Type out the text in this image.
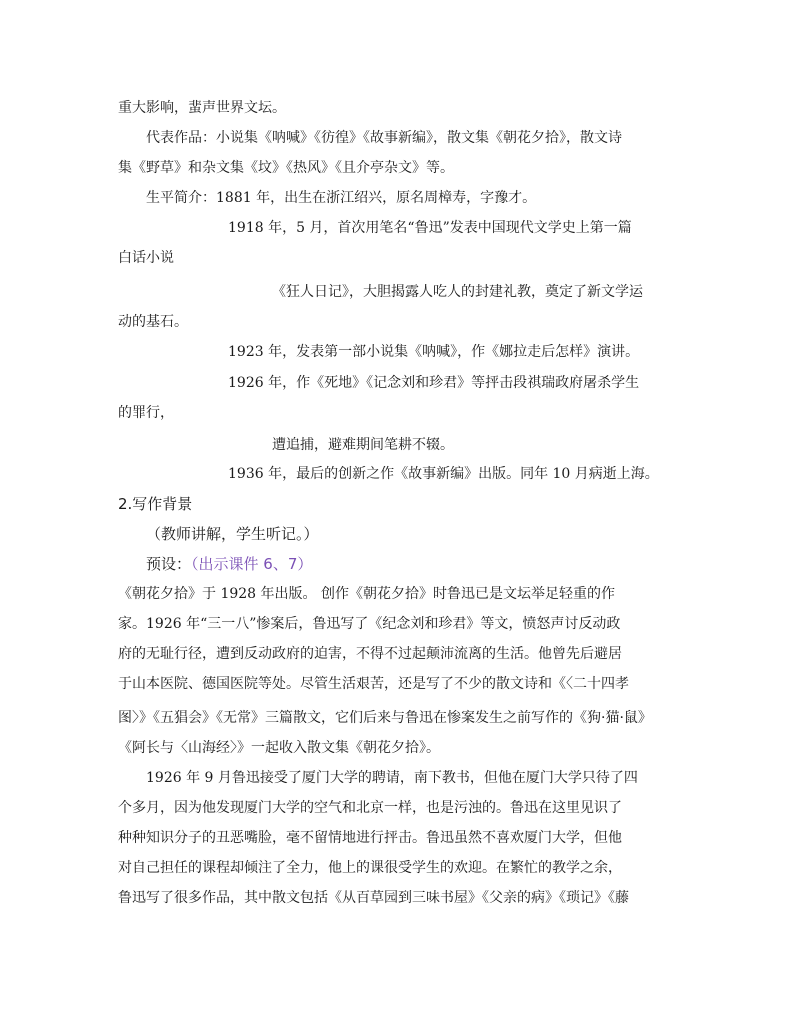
重大影响，蜚声世界文坛。
代表作品：小说集《呐喊》《彷徨》《故事新编》，散文集《朝花夕拾》，散文诗
集《野草》和杂文集《坟》《热风》《且介亭杂文》等。
生平简介：1881 年，出生在浙江绍兴，原名周樟寿，字豫才。
1918 年，5 月，首次用笔名“鲁迅”发表中国现代文学史上第一篇
白话小说
《狂人日记》，大胆揭露人吃人的封建礼教，奠定了新文学运
动的基石。
1923 年，发表第一部小说集《呐喊》，作《娜拉走后怎样》演讲。
1926 年，作《死地》《记念刘和珍君》等抨击段祺瑞政府屠杀学生
的罪行，
遭追捕，避难期间笔耕不辍。
1936 年，最后的创新之作《故事新编》出版。同年 10 月病逝上海。
2.写作背景
（教师讲解，学生听记。）
预设：（出示课件 6、7）
《朝花夕拾》于 1928 年出版。 创作《朝花夕拾》时鲁迅已是文坛举足轻重的作
家。1926 年“三一八”惨案后，鲁迅写了《纪念刘和珍君》等文，愤怒声讨反动政
府的无耻行径，遭到反动政府的迫害，不得不过起颠沛流离的生活。他曾先后避居
于山本医院、德国医院等处。尽管生活艰苦，还是写了不少的散文诗和《〈二十四孝
图〉》《五猖会》《无常》三篇散文，它们后来与鲁迅在惨案发生之前写作的《狗·猫·鼠》
《阿长与〈山海经〉》一起收入散文集《朝花夕拾》。
1926 年 9 月鲁迅接受了厦门大学的聘请，南下教书，但他在厦门大学只待了四
个多月，因为他发现厦门大学的空气和北京一样，也是污浊的。鲁迅在这里见识了
种种知识分子的丑恶嘴脸，毫不留情地进行抨击。鲁迅虽然不喜欢厦门大学，但他
对自己担任的课程却倾注了全力，他上的课很受学生的欢迎。在繁忙的教学之余，
鲁迅写了很多作品，其中散文包括《从百草园到三味书屋》《父亲的病》《琐记》《藤
